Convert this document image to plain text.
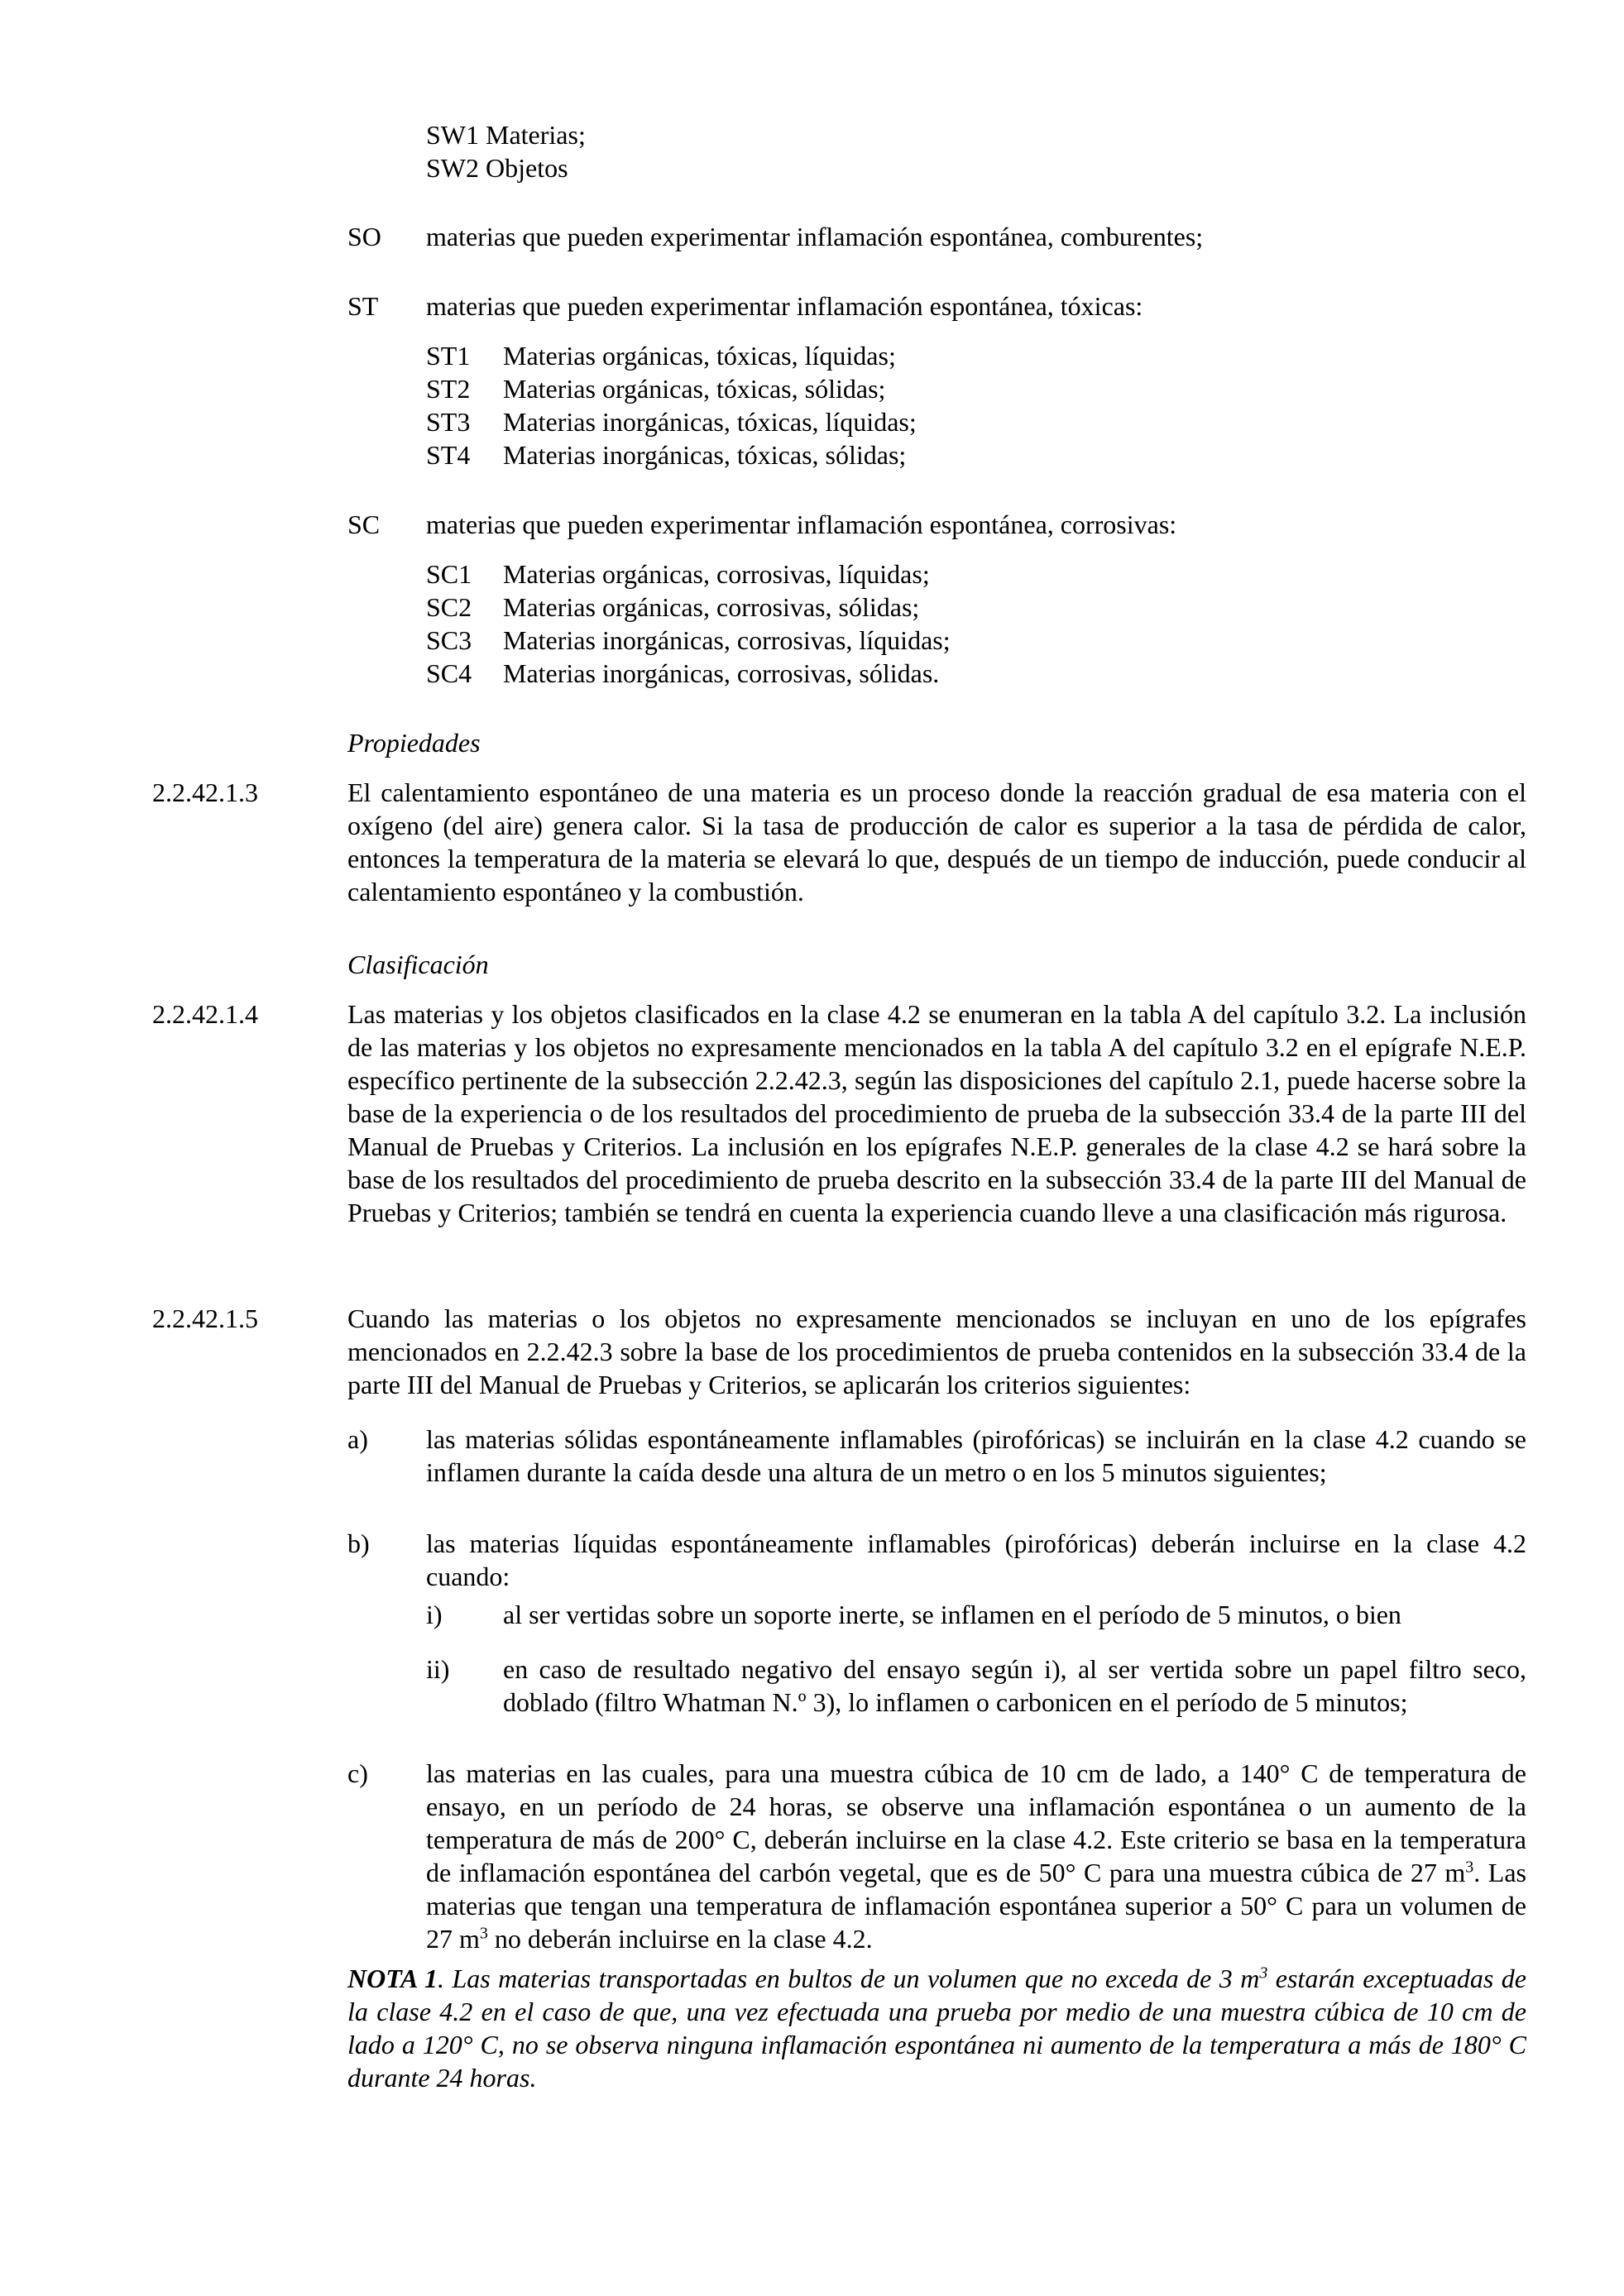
SW1 Materias;
SW2 Objetos
SO materias que pueden experimentar inflamación espontánea, comburentes;
ST materias que pueden experimentar inflamación espontánea, tóxicas:
ST1 Materias orgánicas, tóxicas, líquidas;
ST2 Materias orgánicas, tóxicas, sólidas;
ST3 Materias inorgánicas, tóxicas, líquidas;
ST4 Materias inorgánicas, tóxicas, sólidas;
SC materias que pueden experimentar inflamación espontánea, corrosivas:
SC1 Materias orgánicas, corrosivas, líquidas;
SC2 Materias orgánicas, corrosivas, sólidas;
SC3 Materias inorgánicas, corrosivas, líquidas;
SC4 Materias inorgánicas, corrosivas, sólidas.
Propiedades
2.2.42.1.3	El calentamiento espontáneo de una materia es un proceso donde la reacción gradual de esa materia con el oxígeno (del aire) genera calor. Si la tasa de producción de calor es superior a la tasa de pérdida de calor, entonces la temperatura de la materia se elevará lo que, después de un tiempo de inducción, puede conducir al calentamiento espontáneo y la combustión.
Clasificación
2.2.42.1.4	Las materias y los objetos clasificados en la clase 4.2 se enumeran en la tabla A del capítulo 3.2. La inclusión de las materias y los objetos no expresamente mencionados en la tabla A del capítulo 3.2 en el epígrafe N.E.P. específico pertinente de la subsección 2.2.42.3, según las disposiciones del capítulo 2.1, puede hacerse sobre la base de la experiencia o de los resultados del procedimiento de prueba de la subsección 33.4 de la parte III del Manual de Pruebas y Criterios. La inclusión en los epígrafes N.E.P. generales de la clase 4.2 se hará sobre la base de los resultados del procedimiento de prueba descrito en la subsección 33.4 de la parte III del Manual de Pruebas y Criterios; también se tendrá en cuenta la experiencia cuando lleve a una clasificación más rigurosa.
2.2.42.1.5	Cuando las materias o los objetos no expresamente mencionados se incluyan en uno de los epígrafes mencionados en 2.2.42.3 sobre la base de los procedimientos de prueba contenidos en la subsección 33.4 de la parte III del Manual de Pruebas y Criterios, se aplicarán los criterios siguientes:
a) las materias sólidas espontáneamente inflamables (pirofóricas) se incluirán en la clase 4.2 cuando se inflamen durante la caída desde una altura de un metro o en los 5 minutos siguientes;
b) las materias líquidas espontáneamente inflamables (pirofóricas) deberán incluirse en la clase 4.2 cuando:
i) al ser vertidas sobre un soporte inerte, se inflamen en el período de 5 minutos, o bien
ii) en caso de resultado negativo del ensayo según i), al ser vertida sobre un papel filtro seco, doblado (filtro Whatman N.º 3), lo inflamen o carbonicen en el período de 5 minutos;
c) las materias en las cuales, para una muestra cúbica de 10 cm de lado, a 140° C de temperatura de ensayo, en un período de 24 horas, se observe una inflamación espontánea o un aumento de la temperatura de más de 200° C, deberán incluirse en la clase 4.2. Este criterio se basa en la temperatura de inflamación espontánea del carbón vegetal, que es de 50° C para una muestra cúbica de 27 $m^3$. Las materias que tengan una temperatura de inflamación espontánea superior a 50° C para un volumen de 27 $m^3$ no deberán incluirse en la clase 4.2.
NOTA 1. Las materias transportadas en bultos de un volumen que no exceda de 3 $m^3$ estarán exceptuadas de la clase 4.2 en el caso de que, una vez efectuada una prueba por medio de una muestra cúbica de 10 cm de lado a 120° C, no se observa ninguna inflamación espontánea ni aumento de la temperatura a más de 180° C durante 24 horas.
